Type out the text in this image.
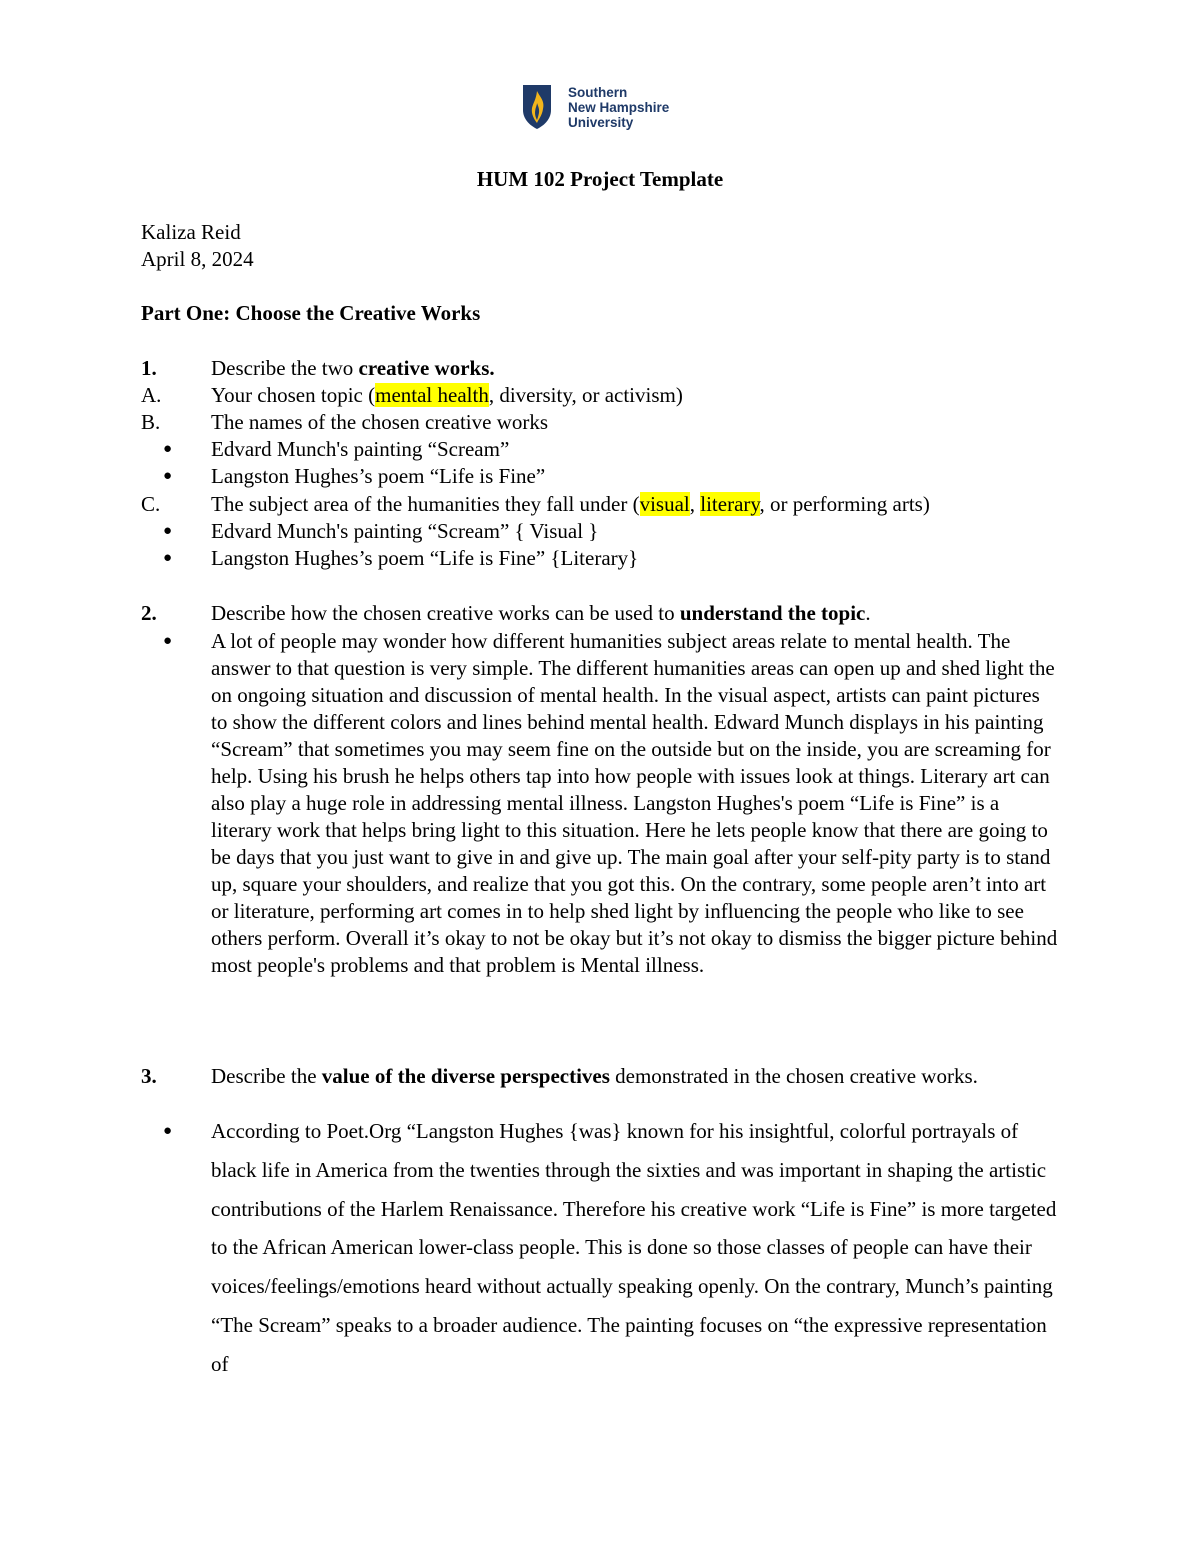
Southern
New Hampshire
University
HUM 102 Project Template
Kaliza Reid
April 8, 2024
Part One: Choose the Creative Works
1.	Describe the two creative works.
A.	Your chosen topic (mental health, diversity, or activism)
B.	The names of the chosen creative works
●	Edvard Munch's painting “Scream”
●	Langston Hughes’s poem “Life is Fine”
C.	The subject area of the humanities they fall under (visual, literary, or performing arts)
●	Edvard Munch's painting “Scream” { Visual }
●	Langston Hughes’s poem “Life is Fine” {Literary}
2.	Describe how the chosen creative works can be used to understand the topic.
●	A lot of people may wonder how different humanities subject areas relate to mental health. The answer to that question is very simple. The different humanities areas can open up and shed light the on ongoing situation and discussion of mental health. In the visual aspect, artists can paint pictures to show the different colors and lines behind mental health. Edward Munch displays in his painting “Scream” that sometimes you may seem fine on the outside but on the inside, you are screaming for help. Using his brush he helps others tap into how people with issues look at things. Literary art can also play a huge role in addressing mental illness. Langston Hughes's poem “Life is Fine” is a literary work that helps bring light to this situation. Here he lets people know that there are going to be days that you just want to give in and give up. The main goal after your self-pity party is to stand up, square your shoulders, and realize that you got this. On the contrary, some people aren’t into art or literature, performing art comes in to help shed light by influencing the people who like to see others perform. Overall it’s okay to not be okay but it’s not okay to dismiss the bigger picture behind most people's problems and that problem is Mental illness.
3.	Describe the value of the diverse perspectives demonstrated in the chosen creative works.
●	According to Poet.Org “Langston Hughes {was} known for his insightful, colorful portrayals of black life in America from the twenties through the sixties and was important in shaping the artistic contributions of the Harlem Renaissance. Therefore his creative work “Life is Fine” is more targeted to the African American lower-class people. This is done so those classes of people can have their voices/feelings/emotions heard without actually speaking openly. On the contrary, Munch’s painting “The Scream” speaks to a broader audience. The painting focuses on “the expressive representation of
